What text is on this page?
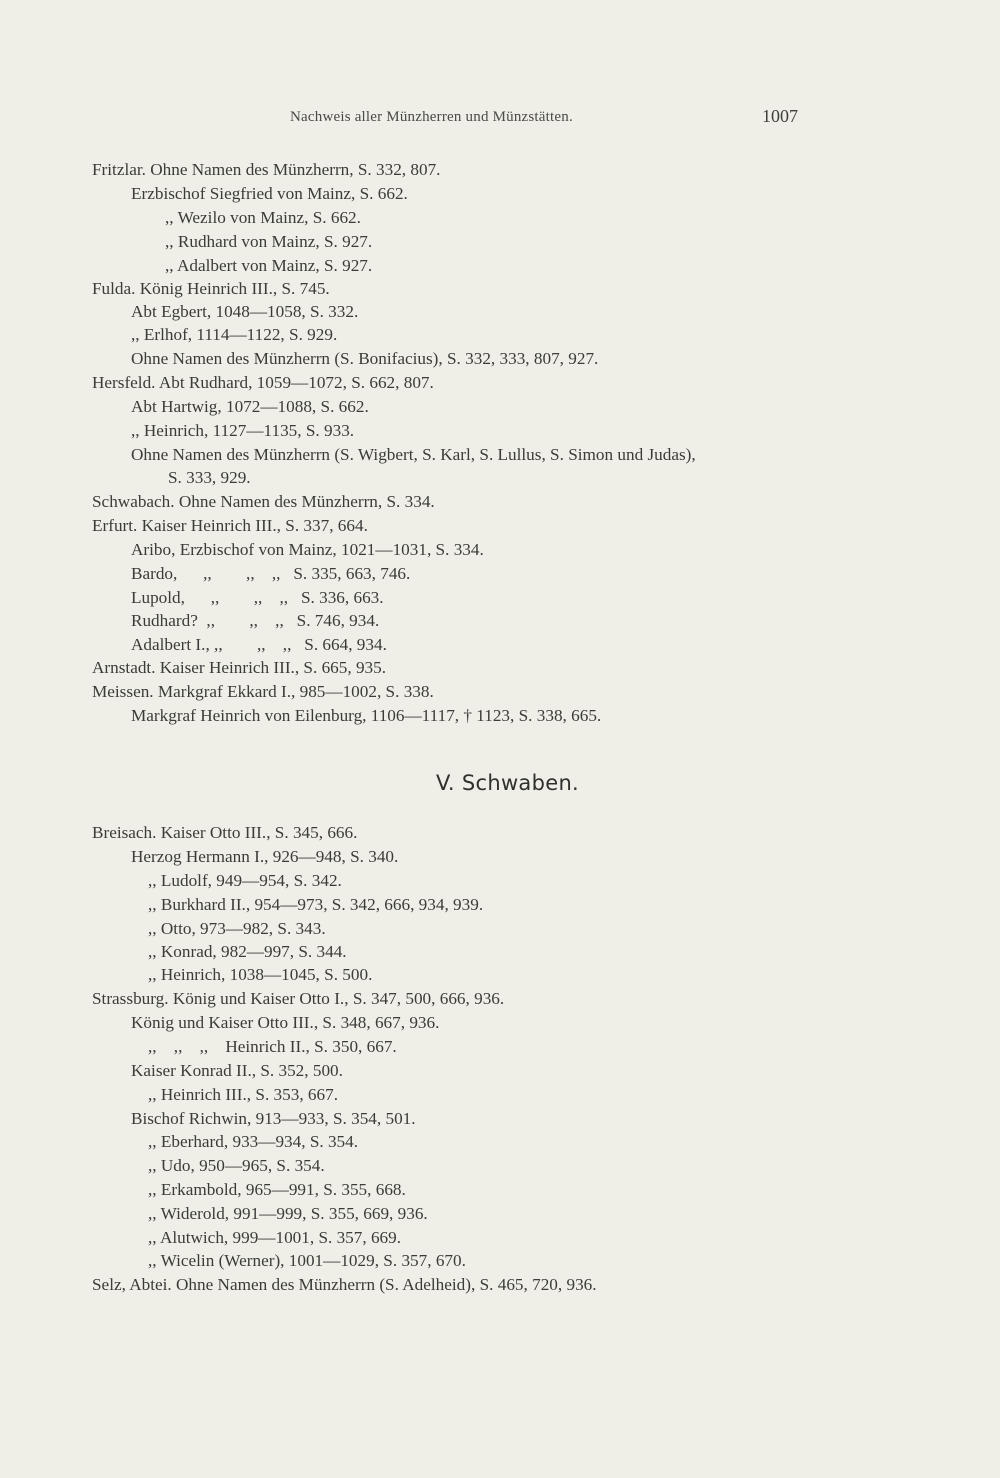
Nachweis aller Münzherren und Münzstätten.	1007
Fritzlar. Ohne Namen des Münzherrn, S. 332, 807.
Erzbischof Siegfried von Mainz, S. 662.
,, Wezilo von Mainz, S. 662.
,, Rudhard von Mainz, S. 927.
,, Adalbert von Mainz, S. 927.
Fulda. König Heinrich III., S. 745.
Abt Egbert, 1048—1058, S. 332.
,, Erlhof, 1114—1122, S. 929.
Ohne Namen des Münzherrn (S. Bonifacius), S. 332, 333, 807, 927.
Hersfeld. Abt Rudhard, 1059—1072, S. 662, 807.
Abt Hartwig, 1072—1088, S. 662.
,, Heinrich, 1127—1135, S. 933.
Ohne Namen des Münzherrn (S. Wigbert, S. Karl, S. Lullus, S. Simon und Judas),
S. 333, 929.
Schwabach. Ohne Namen des Münzherrn, S. 334.
Erfurt. Kaiser Heinrich III., S. 337, 664.
Aribo, Erzbischof von Mainz, 1021—1031, S. 334.
Bardo,      ,,        ,,    ,,   S. 335, 663, 746.
Lupold,      ,,        ,,    ,,   S. 336, 663.
Rudhard?  ,,        ,,    ,,   S. 746, 934.
Adalbert I., ,,        ,,    ,,   S. 664, 934.
Arnstadt. Kaiser Heinrich III., S. 665, 935.
Meissen. Markgraf Ekkard I., 985—1002, S. 338.
Markgraf Heinrich von Eilenburg, 1106—1117, † 1123, S. 338, 665.
V. Schwaben.
Breisach. Kaiser Otto III., S. 345, 666.
Herzog Hermann I., 926—948, S. 340.
,, Ludolf, 949—954, S. 342.
,, Burkhard II., 954—973, S. 342, 666, 934, 939.
,, Otto, 973—982, S. 343.
,, Konrad, 982—997, S. 344.
,, Heinrich, 1038—1045, S. 500.
Strassburg. König und Kaiser Otto I., S. 347, 500, 666, 936.
König und Kaiser Otto III., S. 348, 667, 936.
,,    ,,    ,,    Heinrich II., S. 350, 667.
Kaiser Konrad II., S. 352, 500.
,, Heinrich III., S. 353, 667.
Bischof Richwin, 913—933, S. 354, 501.
,, Eberhard, 933—934, S. 354.
,, Udo, 950—965, S. 354.
,, Erkambold, 965—991, S. 355, 668.
,, Widerold, 991—999, S. 355, 669, 936.
,, Alutwich, 999—1001, S. 357, 669.
,, Wicelin (Werner), 1001—1029, S. 357, 670.
Selz, Abtei. Ohne Namen des Münzherrn (S. Adelheid), S. 465, 720, 936.
